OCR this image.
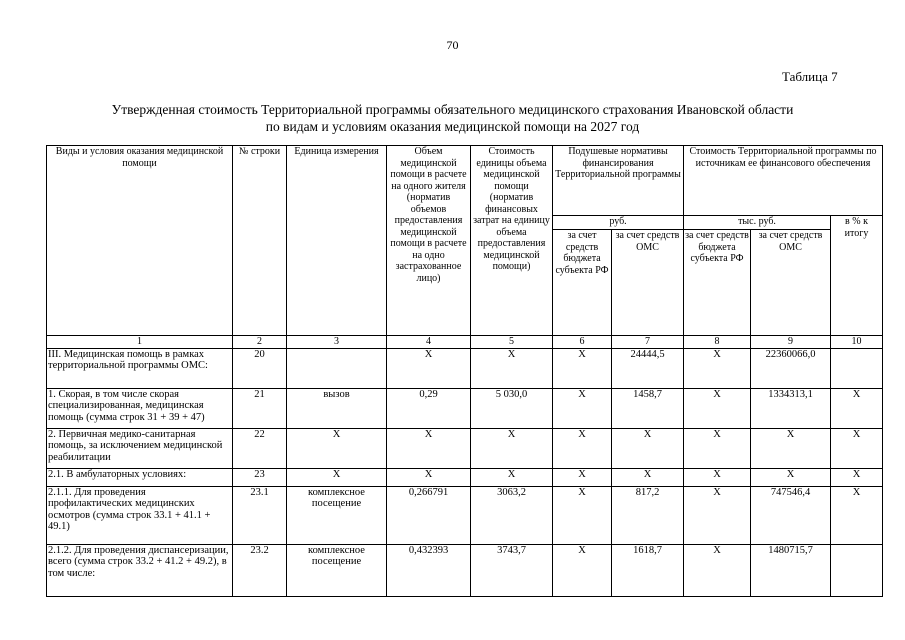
70
Таблица 7
Утвержденная стоимость Территориальной программы обязательного медицинского страхования Ивановской области
по видам и условиям оказания медицинской помощи на 2027 год
Виды и условия оказания медицинской помощи	№ строки	Единица измерения	Объем медицинской помощи в расчете на одного жителя (норматив объемов предоставления медицинской помощи в расчете на одно застрахованное лицо)	Стоимость единицы объема медицинской помощи (норматив финансовых затрат на единицу объема предоставления медицинской помощи)	Подушевые нормативы финансирования Территориальной программы		Стоимость Территориальной программы по источникам ее финансового обеспечения		
					руб.		тыс. руб.		в % к итогу
					за счет средств бюджета субъекта РФ	за счет средств ОМС	за счет средств бюджета субъекта РФ	за счет средств ОМС	
1	2	3	4	5	6	7	8	9	10
III. Медицинская помощь в рамках территориальной программы ОМС:	20		X	X	X	24444,5	X	22360066,0	
1. Скорая, в том числе скорая специализированная, медицинская помощь (сумма строк 31 + 39 + 47)	21	вызов	0,29	5 030,0	X	1458,7	X	1334313,1	X
2. Первичная медико-санитарная помощь, за исключением медицинской реабилитации	22	X	X	X	X	X	X	X	X
2.1. В амбулаторных условиях:	23	X	X	X	X	X	X	X	X
2.1.1. Для проведения профилактических медицинских осмотров (сумма строк 33.1 + 41.1 + 49.1)	23.1	комплексное посещение	0,266791	3063,2	X	817,2	X	747546,4	X
2.1.2. Для проведения диспансеризации, всего (сумма строк 33.2 + 41.2 + 49.2), в том числе:	23.2	комплексное посещение	0,432393	3743,7	X	1618,7	X	1480715,7	
